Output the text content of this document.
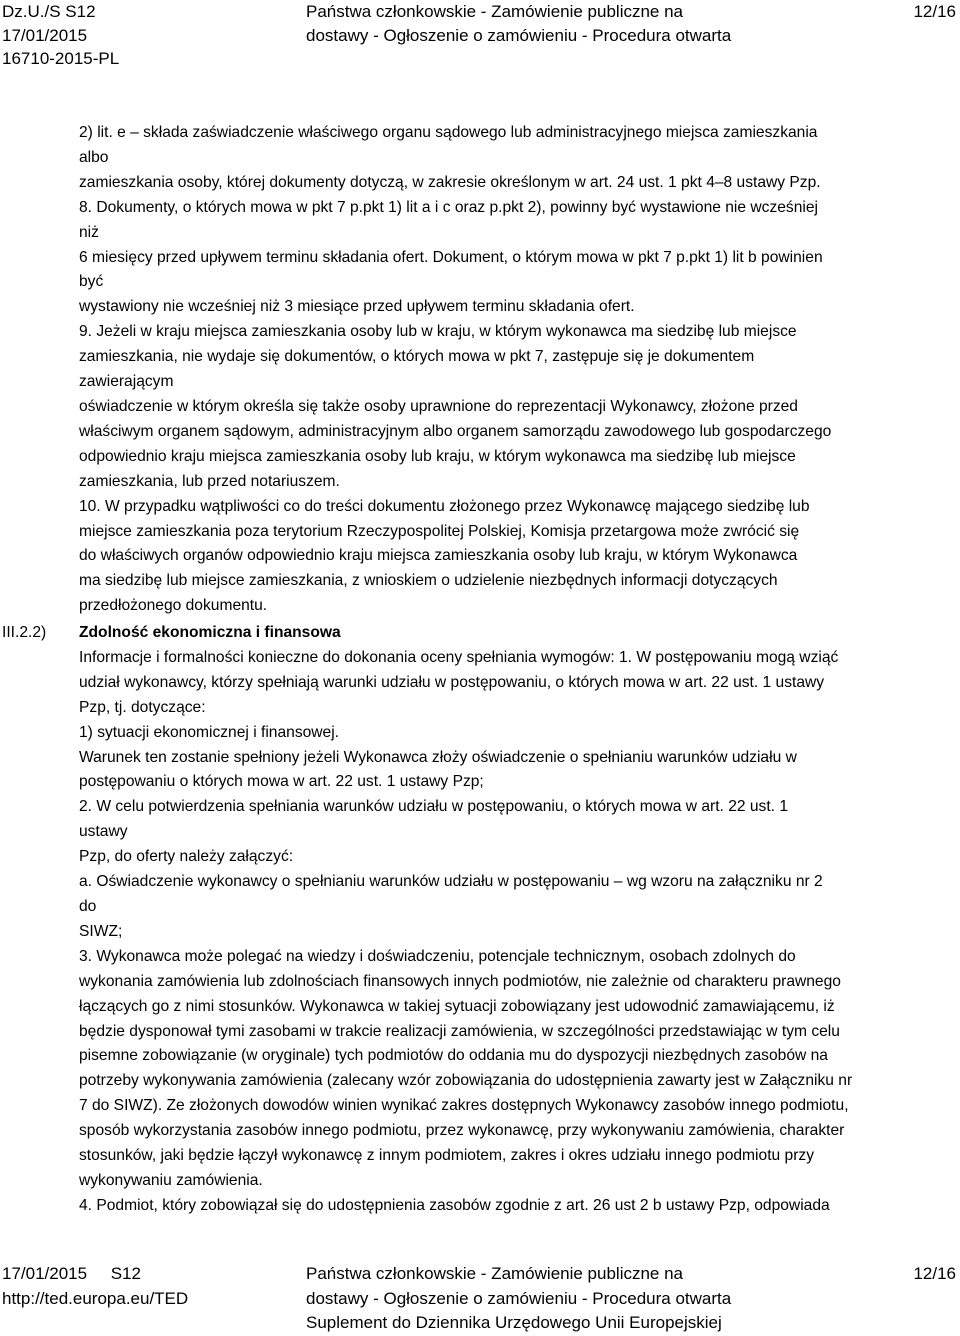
Dz.U./S S12
17/01/2015
16710-2015-PL
Państwa członkowskie - Zamówienie publiczne na
dostawy - Ogłoszenie o zamówieniu - Procedura otwarta
12/16
2) lit. e – składa zaświadczenie właściwego organu sądowego lub administracyjnego miejsca zamieszkania
albo
zamieszkania osoby, której dokumenty dotyczą, w zakresie określonym w art. 24 ust. 1 pkt 4–8 ustawy Pzp.
8. Dokumenty, o których mowa w pkt 7 p.pkt 1) lit a i c oraz p.pkt 2), powinny być wystawione nie wcześniej
niż
6 miesięcy przed upływem terminu składania ofert. Dokument, o którym mowa w pkt 7 p.pkt 1) lit b powinien
być
wystawiony nie wcześniej niż 3 miesiące przed upływem terminu składania ofert.
9. Jeżeli w kraju miejsca zamieszkania osoby lub w kraju, w którym wykonawca ma siedzibę lub miejsce
zamieszkania, nie wydaje się dokumentów, o których mowa w pkt 7, zastępuje się je dokumentem
zawierającym
oświadczenie w którym określa się także osoby uprawnione do reprezentacji Wykonawcy, złożone przed
właściwym organem sądowym, administracyjnym albo organem samorządu zawodowego lub gospodarczego
odpowiednio kraju miejsca zamieszkania osoby lub kraju, w którym wykonawca ma siedzibę lub miejsce
zamieszkania, lub przed notariuszem.
10. W przypadku wątpliwości co do treści dokumentu złożonego przez Wykonawcę mającego siedzibę lub
miejsce zamieszkania poza terytorium Rzeczypospolitej Polskiej, Komisja przetargowa może zwrócić się
do właściwych organów odpowiednio kraju miejsca zamieszkania osoby lub kraju, w którym Wykonawca
ma siedzibę lub miejsce zamieszkania, z wnioskiem o udzielenie niezbędnych informacji dotyczących
przedłożonego dokumentu.
III.2.2) Zdolność ekonomiczna i finansowa
Informacje i formalności konieczne do dokonania oceny spełniania wymogów: 1. W postępowaniu mogą wziąć
udział wykonawcy, którzy spełniają warunki udziału w postępowaniu, o których mowa w art. 22 ust. 1 ustawy
Pzp, tj. dotyczące:
1) sytuacji ekonomicznej i finansowej.
Warunek ten zostanie spełniony jeżeli Wykonawca złoży oświadczenie o spełnianiu warunków udziału w
postępowaniu o których mowa w art. 22 ust. 1 ustawy Pzp;
2. W celu potwierdzenia spełniania warunków udziału w postępowaniu, o których mowa w art. 22 ust. 1
ustawy
Pzp, do oferty należy załączyć:
a. Oświadczenie wykonawcy o spełnianiu warunków udziału w postępowaniu – wg wzoru na załączniku nr 2
do
SIWZ;
3. Wykonawca może polegać na wiedzy i doświadczeniu, potencjale technicznym, osobach zdolnych do
wykonania zamówienia lub zdolnościach finansowych innych podmiotów, nie zależnie od charakteru prawnego
łączących go z nimi stosunków. Wykonawca w takiej sytuacji zobowiązany jest udowodnić zamawiającemu, iż
będzie dysponował tymi zasobami w trakcie realizacji zamówienia, w szczególności przedstawiając w tym celu
pisemne zobowiązanie (w oryginale) tych podmiotów do oddania mu do dyspozycji niezbędnych zasobów na
potrzeby wykonywania zamówienia (zalecany wzór zobowiązania do udostępnienia zawarty jest w Załączniku nr
7 do SIWZ). Ze złożonych dowodów winien wynikać zakres dostępnych Wykonawcy zasobów innego podmiotu,
sposób wykorzystania zasobów innego podmiotu, przez wykonawcę, przy wykonywaniu zamówienia, charakter
stosunków, jaki będzie łączył wykonawcę z innym podmiotem, zakres i okres udziału innego podmiotu przy
wykonywaniu zamówienia.
4. Podmiot, który zobowiązał się do udostępnienia zasobów zgodnie z art. 26 ust 2 b ustawy Pzp, odpowiada
17/01/2015     S12
http://ted.europa.eu/TED
Państwa członkowskie - Zamówienie publiczne na
dostawy - Ogłoszenie o zamówieniu - Procedura otwarta
Suplement do Dziennika Urzędowego Unii Europejskiej
12/16
